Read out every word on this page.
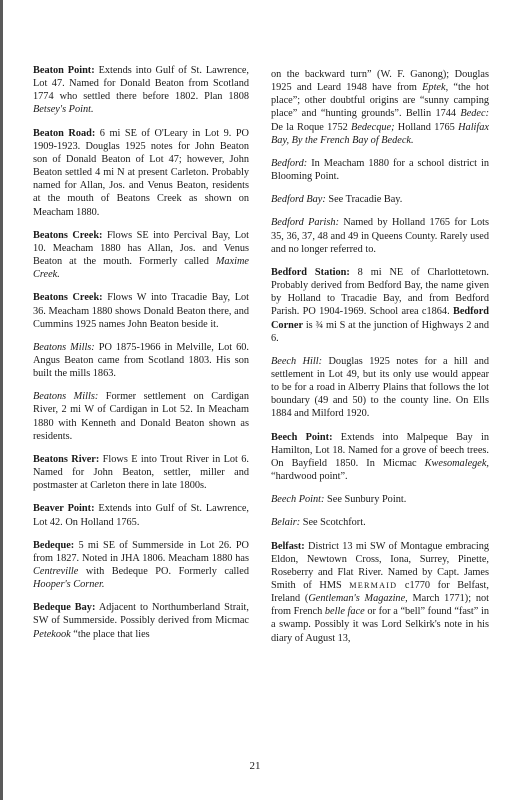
Beaton Point: Extends into Gulf of St. Lawrence, Lot 47. Named for Donald Beaton from Scotland 1774 who settled there before 1802. Plan 1808 Betsey's Point.

Beaton Road: 6 mi SE of O'Leary in Lot 9. PO 1909-1923. Douglas 1925 notes for John Beaton son of Donald Beaton of Lot 47; however, John Beaton settled 4 mi N at present Carleton. Probably named for Allan, Jos. and Venus Beaton, residents at the mouth of Beatons Creek as shown on Meacham 1880.

Beatons Creek: Flows SE into Percival Bay, Lot 10. Meacham 1880 has Allan, Jos. and Venus Beaton at the mouth. Formerly called Maxime Creek.

Beatons Creek: Flows W into Tracadie Bay, Lot 36. Meacham 1880 shows Donald Beaton there, and Cummins 1925 names John Beaton beside it.

Beatons Mills: PO 1875-1966 in Melville, Lot 60. Angus Beaton came from Scotland 1803. His son built the mills 1863.

Beatons Mills: Former settlement on Cardigan River, 2 mi W of Cardigan in Lot 52. In Meacham 1880 with Kenneth and Donald Beaton shown as residents.

Beatons River: Flows E into Trout River in Lot 6. Named for John Beaton, settler, miller and postmaster at Carleton there in late 1800s.

Beaver Point: Extends into Gulf of St. Lawrence, Lot 42. On Holland 1765.

Bedeque: 5 mi SE of Summerside in Lot 26. PO from 1827. Noted in JHA 1806. Meacham 1880 has Centreville with Bedeque PO. Formerly called Hooper's Corner.

Bedeque Bay: Adjacent to Northumberland Strait, SW of Summerside. Possibly derived from Micmac Petekook “the place that lies

on the backward turn” (W. F. Ganong); Douglas 1925 and Leard 1948 have from Eptek, “the hot place”; other doubtful origins are “sunny camping place” and “hunting grounds”. Bellin 1744 Bedec: De la Roque 1752 Bedecque; Holland 1765 Halifax Bay, By the French Bay of Bedeck.

Bedford: In Meacham 1880 for a school district in Blooming Point.

Bedford Bay: See Tracadie Bay.

Bedford Parish: Named by Holland 1765 for Lots 35, 36, 37, 48 and 49 in Queens County. Rarely used and no longer referred to.

Bedford Station: 8 mi NE of Charlottetown. Probably derived from Bedford Bay, the name given by Holland to Tracadie Bay, and from Bedford Parish. PO 1904-1969. School area c1864. Bedford Corner is ¾ mi S at the junction of Highways 2 and 6.

Beech Hill: Douglas 1925 notes for a hill and settlement in Lot 49, but its only use would appear to be for a road in Alberry Plains that follows the lot boundary (49 and 50) to the county line. On Ells 1884 and Milford 1920.

Beech Point: Extends into Malpeque Bay in Hamilton, Lot 18. Named for a grove of beech trees. On Bayfield 1850. In Micmac Kwesomalegek, “hardwood point”.

Beech Point: See Sunbury Point.

Belair: See Scotchfort.

Belfast: District 13 mi SW of Montague embracing Eldon, Newtown Cross, Iona, Surrey, Pinette, Roseberry and Flat River. Named by Capt. James Smith of HMS MERMAID c1770 for Belfast, Ireland (Gentleman's Magazine, March 1771); not from French belle face or for a “bell” found “fast” in a swamp. Possibly it was Lord Selkirk's note in his diary of August 13,

21
